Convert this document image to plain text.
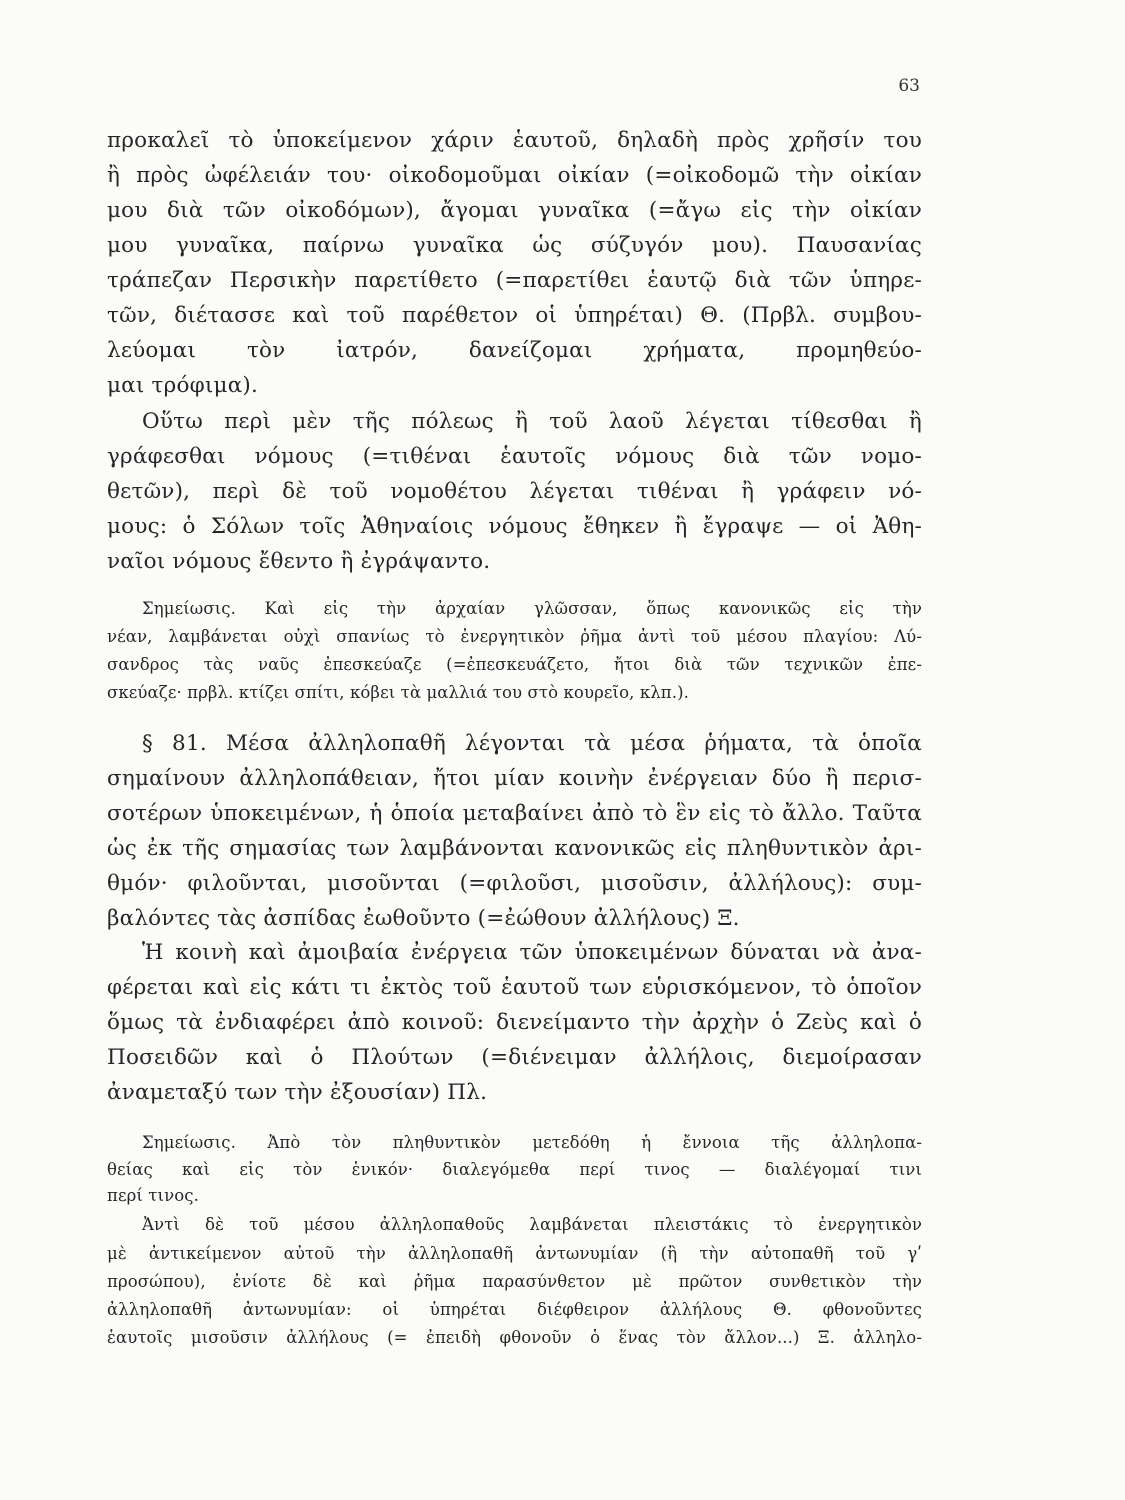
63
προκαλεῖ τὸ ὑποκείμενον χάριν ἑαυτοῦ, δηλαδὴ πρὸς χρῆσίν του
ἢ πρὸς ὠφέλειάν του· οἰκοδομοῦμαι οἰκίαν (=οἰκοδομῶ τὴν οἰκίαν
μου διὰ τῶν οἰκοδόμων), ἄγομαι γυναῖκα (=ἄγω εἰς τὴν οἰκίαν
μου γυναῖκα, παίρνω γυναῖκα ὡς σύζυγόν μου). Παυσανίας
τράπεζαν Περσικὴν παρετίθετο (=παρετίθει ἑαυτῷ διὰ τῶν ὑπηρε-
τῶν, διέτασσε καὶ τοῦ παρέθετον οἱ ὑπηρέται) Θ. (Πρβλ. συμβου-
λεύομαι τὸν ἰατρόν, δανείζομαι χρήματα, προμηθεύο-
μαι τρόφιμα).
Οὕτω περὶ μὲν τῆς πόλεως ἢ τοῦ λαοῦ λέγεται τίθεσθαι ἢ
γράφεσθαι νόμους (=τιθέναι ἑαυτοῖς νόμους διὰ τῶν νομο-
θετῶν), περὶ δὲ τοῦ νομοθέτου λέγεται τιθέναι ἢ γράφειν νό-
μους: ὁ Σόλων τοῖς Ἀθηναίοις νόμους ἔθηκεν ἢ ἔγραψε — οἱ Ἀθη-
ναῖοι νόμους ἔθεντο ἢ ἐγράψαντο.
Σημείωσις. Καὶ εἰς τὴν ἀρχαίαν γλῶσσαν, ὅπως κανονικῶς εἰς τὴν
νέαν, λαμβάνεται οὐχὶ σπανίως τὸ ἐνεργητικὸν ῥῆμα ἀντὶ τοῦ μέσου πλαγίου: Λύ-
σανδρος τὰς ναῦς ἐπεσκεύαζε (=ἐπεσκευάζετο, ἤτοι διὰ τῶν τεχνικῶν ἐπε-
σκεύαζε· πρβλ. κτίζει σπίτι, κόβει τὰ μαλλιά του στὸ κουρεῖο, κλπ.).
§ 81. Μέσα ἀλληλοπαθῆ λέγονται τὰ μέσα ῥήματα, τὰ ὁποῖα
σημαίνουν ἀλληλοπάθειαν, ἤτοι μίαν κοινὴν ἐνέργειαν δύο ἢ περισ-
σοτέρων ὑποκειμένων, ἡ ὁποία μεταβαίνει ἀπὸ τὸ ἓν εἰς τὸ ἄλλο. Ταῦτα
ὡς ἐκ τῆς σημασίας των λαμβάνονται κανονικῶς εἰς πληθυντικὸν ἀρι-
θμόν· φιλοῦνται, μισοῦνται (=φιλοῦσι, μισοῦσιν, ἀλλήλους): συμ-
βαλόντες τὰς ἀσπίδας ἐωθοῦντο (=ἐώθουν ἀλλήλους) Ξ.
Ἡ κοινὴ καὶ ἀμοιβαία ἐνέργεια τῶν ὑποκειμένων δύναται νὰ ἀνα-
φέρεται καὶ εἰς κάτι τι ἐκτὸς τοῦ ἑαυτοῦ των εὑρισκόμενον, τὸ ὁποῖον
ὅμως τὰ ἐνδιαφέρει ἀπὸ κοινοῦ: διενείμαντο τὴν ἀρχὴν ὁ Ζεὺς καὶ ὁ
Ποσειδῶν καὶ ὁ Πλούτων (=διένειμαν ἀλλήλοις, διεμοίρασαν
ἀναμεταξύ των τὴν ἐξουσίαν) Πλ.
Σημείωσις. Ἀπὸ τὸν πληθυντικὸν μετεδόθη ἡ ἔννοια τῆς ἀλληλοπα-
θείας καὶ εἰς τὸν ἑνικόν· διαλεγόμεθα περί τινος — διαλέγομαί τινι
περί τινος.
Ἀντὶ δὲ τοῦ μέσου ἀλληλοπαθοῦς λαμβάνεται πλειστάκις τὸ ἐνεργητικὸν
μὲ ἀντικείμενον αὐτοῦ τὴν ἀλληλοπαθῆ ἀντωνυμίαν (ἢ τὴν αὐτοπαθῆ τοῦ γʹ
προσώπου), ἐνίοτε δὲ καὶ ῥῆμα παρασύνθετον μὲ πρῶτον συνθετικὸν τὴν
ἀλληλοπαθῆ ἀντωνυμίαν: οἱ ὑπηρέται διέφθειρον ἀλλήλους Θ. φθονοῦντες
ἑαυτοῖς μισοῦσιν ἀλλήλους (= ἐπειδὴ φθονοῦν ὁ ἕνας τὸν ἄλλον...) Ξ. ἀλληλο-
